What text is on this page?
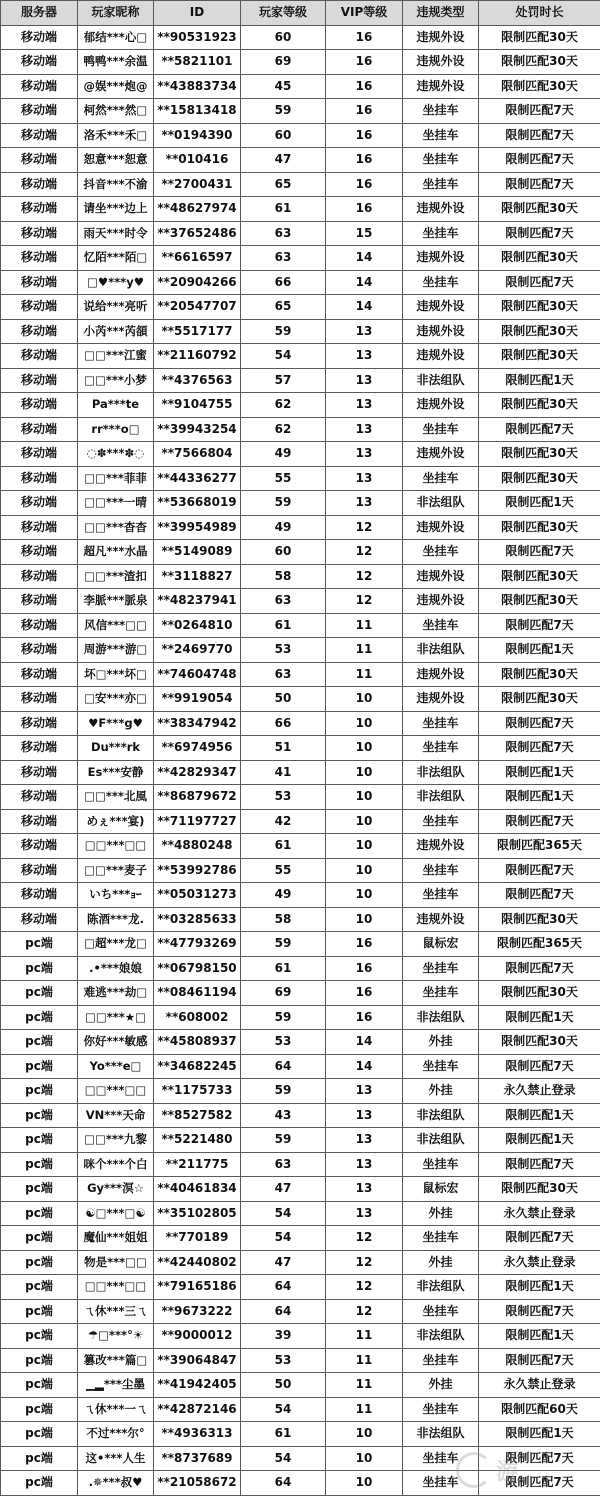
服务器	玩家昵称	ID	玩家等级	VIP等级	违规类型	处罚时长
移动端	郁结***心□	**90531923	60	16	违规外设	限制匹配30天
移动端	鸭鸭***余温	**5821101	69	16	违规外设	限制匹配30天
移动端	@娱***炮@	**43883734	45	16	违规外设	限制匹配30天
移动端	柯然***然□	**15813418	59	16	坐挂车	限制匹配7天
移动端	洛禾***禾□	**0194390	60	16	坐挂车	限制匹配7天
移动端	恕意***恕意	**010416	47	16	坐挂车	限制匹配7天
移动端	抖音***不渝	**2700431	65	16	坐挂车	限制匹配7天
移动端	请坐***边上	**48627974	61	16	违规外设	限制匹配30天
移动端	雨天***时令	**37652486	63	15	坐挂车	限制匹配7天
移动端	忆陌***陌□	**6616597	63	14	违规外设	限制匹配30天
移动端	□♥***y♥	**20904266	66	14	坐挂车	限制匹配7天
移动端	说给***亮听	**20547707	65	14	违规外设	限制匹配30天
移动端	小芮***芮頟	**5517177	59	13	违规外设	限制匹配30天
移动端	□□***江蜜	**21160792	54	13	违规外设	限制匹配30天
移动端	□□***小梦	**4376563	57	13	非法组队	限制匹配1天
移动端	Pa***te	**9104755	62	13	违规外设	限制匹配30天
移动端	rr***o□	**39943254	62	13	坐挂车	限制匹配7天
移动端	◌✽***✽◌	**7566804	49	13	违规外设	限制匹配30天
移动端	□□***菲菲	**44336277	55	13	坐挂车	限制匹配30天
移动端	□□***一晴	**53668019	59	13	非法组队	限制匹配1天
移动端	□□***杳杳	**39954989	49	12	违规外设	限制匹配30天
移动端	超凡***水晶	**5149089	60	12	坐挂车	限制匹配7天
移动端	□□***渣扣	**3118827	58	12	违规外设	限制匹配30天
移动端	李脈***脈泉	**48237941	63	12	违规外设	限制匹配30天
移动端	风信***□□	**0264810	61	11	坐挂车	限制匹配7天
移动端	周游***游□	**2469770	53	11	非法组队	限制匹配1天
移动端	坏□***坏□	**74604748	63	11	违规外设	限制匹配30天
移动端	□安***亦□	**9919054	50	10	违规外设	限制匹配30天
移动端	♥F***g♥	**38347942	66	10	坐挂车	限制匹配7天
移动端	Du***rk	**6974956	51	10	坐挂车	限制匹配7天
移动端	Es***安静	**42829347	41	10	非法组队	限制匹配1天
移动端	□□***北風	**86879672	53	10	非法组队	限制匹配1天
移动端	めぇ***宴)	**71197727	42	10	坐挂车	限制匹配7天
移动端	□□***□□	**4880248	61	10	违规外设	限制匹配365天
移动端	□□***麦子	**53992786	55	10	坐挂车	限制匹配7天
移动端	いち***ｮｰ	**05031273	49	10	坐挂车	限制匹配7天
移动端	陈酒***龙.	**03285633	58	10	违规外设	限制匹配30天
pc端	□超***龙□	**47793269	59	16	鼠标宏	限制匹配365天
pc端	.•***娘娘	**06798150	61	16	坐挂车	限制匹配7天
pc端	难逃***劫□	**08461194	69	16	坐挂车	限制匹配30天
pc端	□□***★□	**608002	59	16	非法组队	限制匹配1天
pc端	你好***敏感	**45808937	53	14	外挂	限制匹配30天
pc端	Yo***e□	**34682245	64	14	坐挂车	限制匹配7天
pc端	□□***□□	**1175733	59	13	外挂	永久禁止登录
pc端	VN***天命	**8527582	43	13	非法组队	限制匹配1天
pc端	□□***九黎	**5221480	59	13	非法组队	限制匹配1天
pc端	咪个***个白	**211775	63	13	坐挂车	限制匹配7天
pc端	Gy***溟☆	**40461834	47	13	鼠标宏	限制匹配30天
pc端	☯□***□☯	**35102805	54	13	外挂	永久禁止登录
pc端	魔仙***姐姐	**770189	54	12	坐挂车	限制匹配7天
pc端	物是***□□	**42440802	47	12	外挂	永久禁止登录
pc端	□□***□□	**79165186	64	12	非法组队	限制匹配1天
pc端	ㄟ休***三ㄟ	**9673222	64	12	坐挂车	限制匹配7天
pc端	☂□***°☀	**9000012	39	11	非法组队	限制匹配1天
pc端	篡改***篇□	**39064847	53	11	坐挂车	限制匹配7天
pc端	▁▂***尘墨	**41942405	50	11	外挂	永久禁止登录
pc端	ㄟ休***一ㄟ	**42872146	54	11	坐挂车	限制匹配60天
pc端	不过***尔°	**4936313	61	10	非法组队	限制匹配1天
pc端	这•***人生	**8737689	54	10	坐挂车	限制匹配7天
pc端	.✵***叔♥	**21058672	64	10	坐挂车	限制匹配7天
游
